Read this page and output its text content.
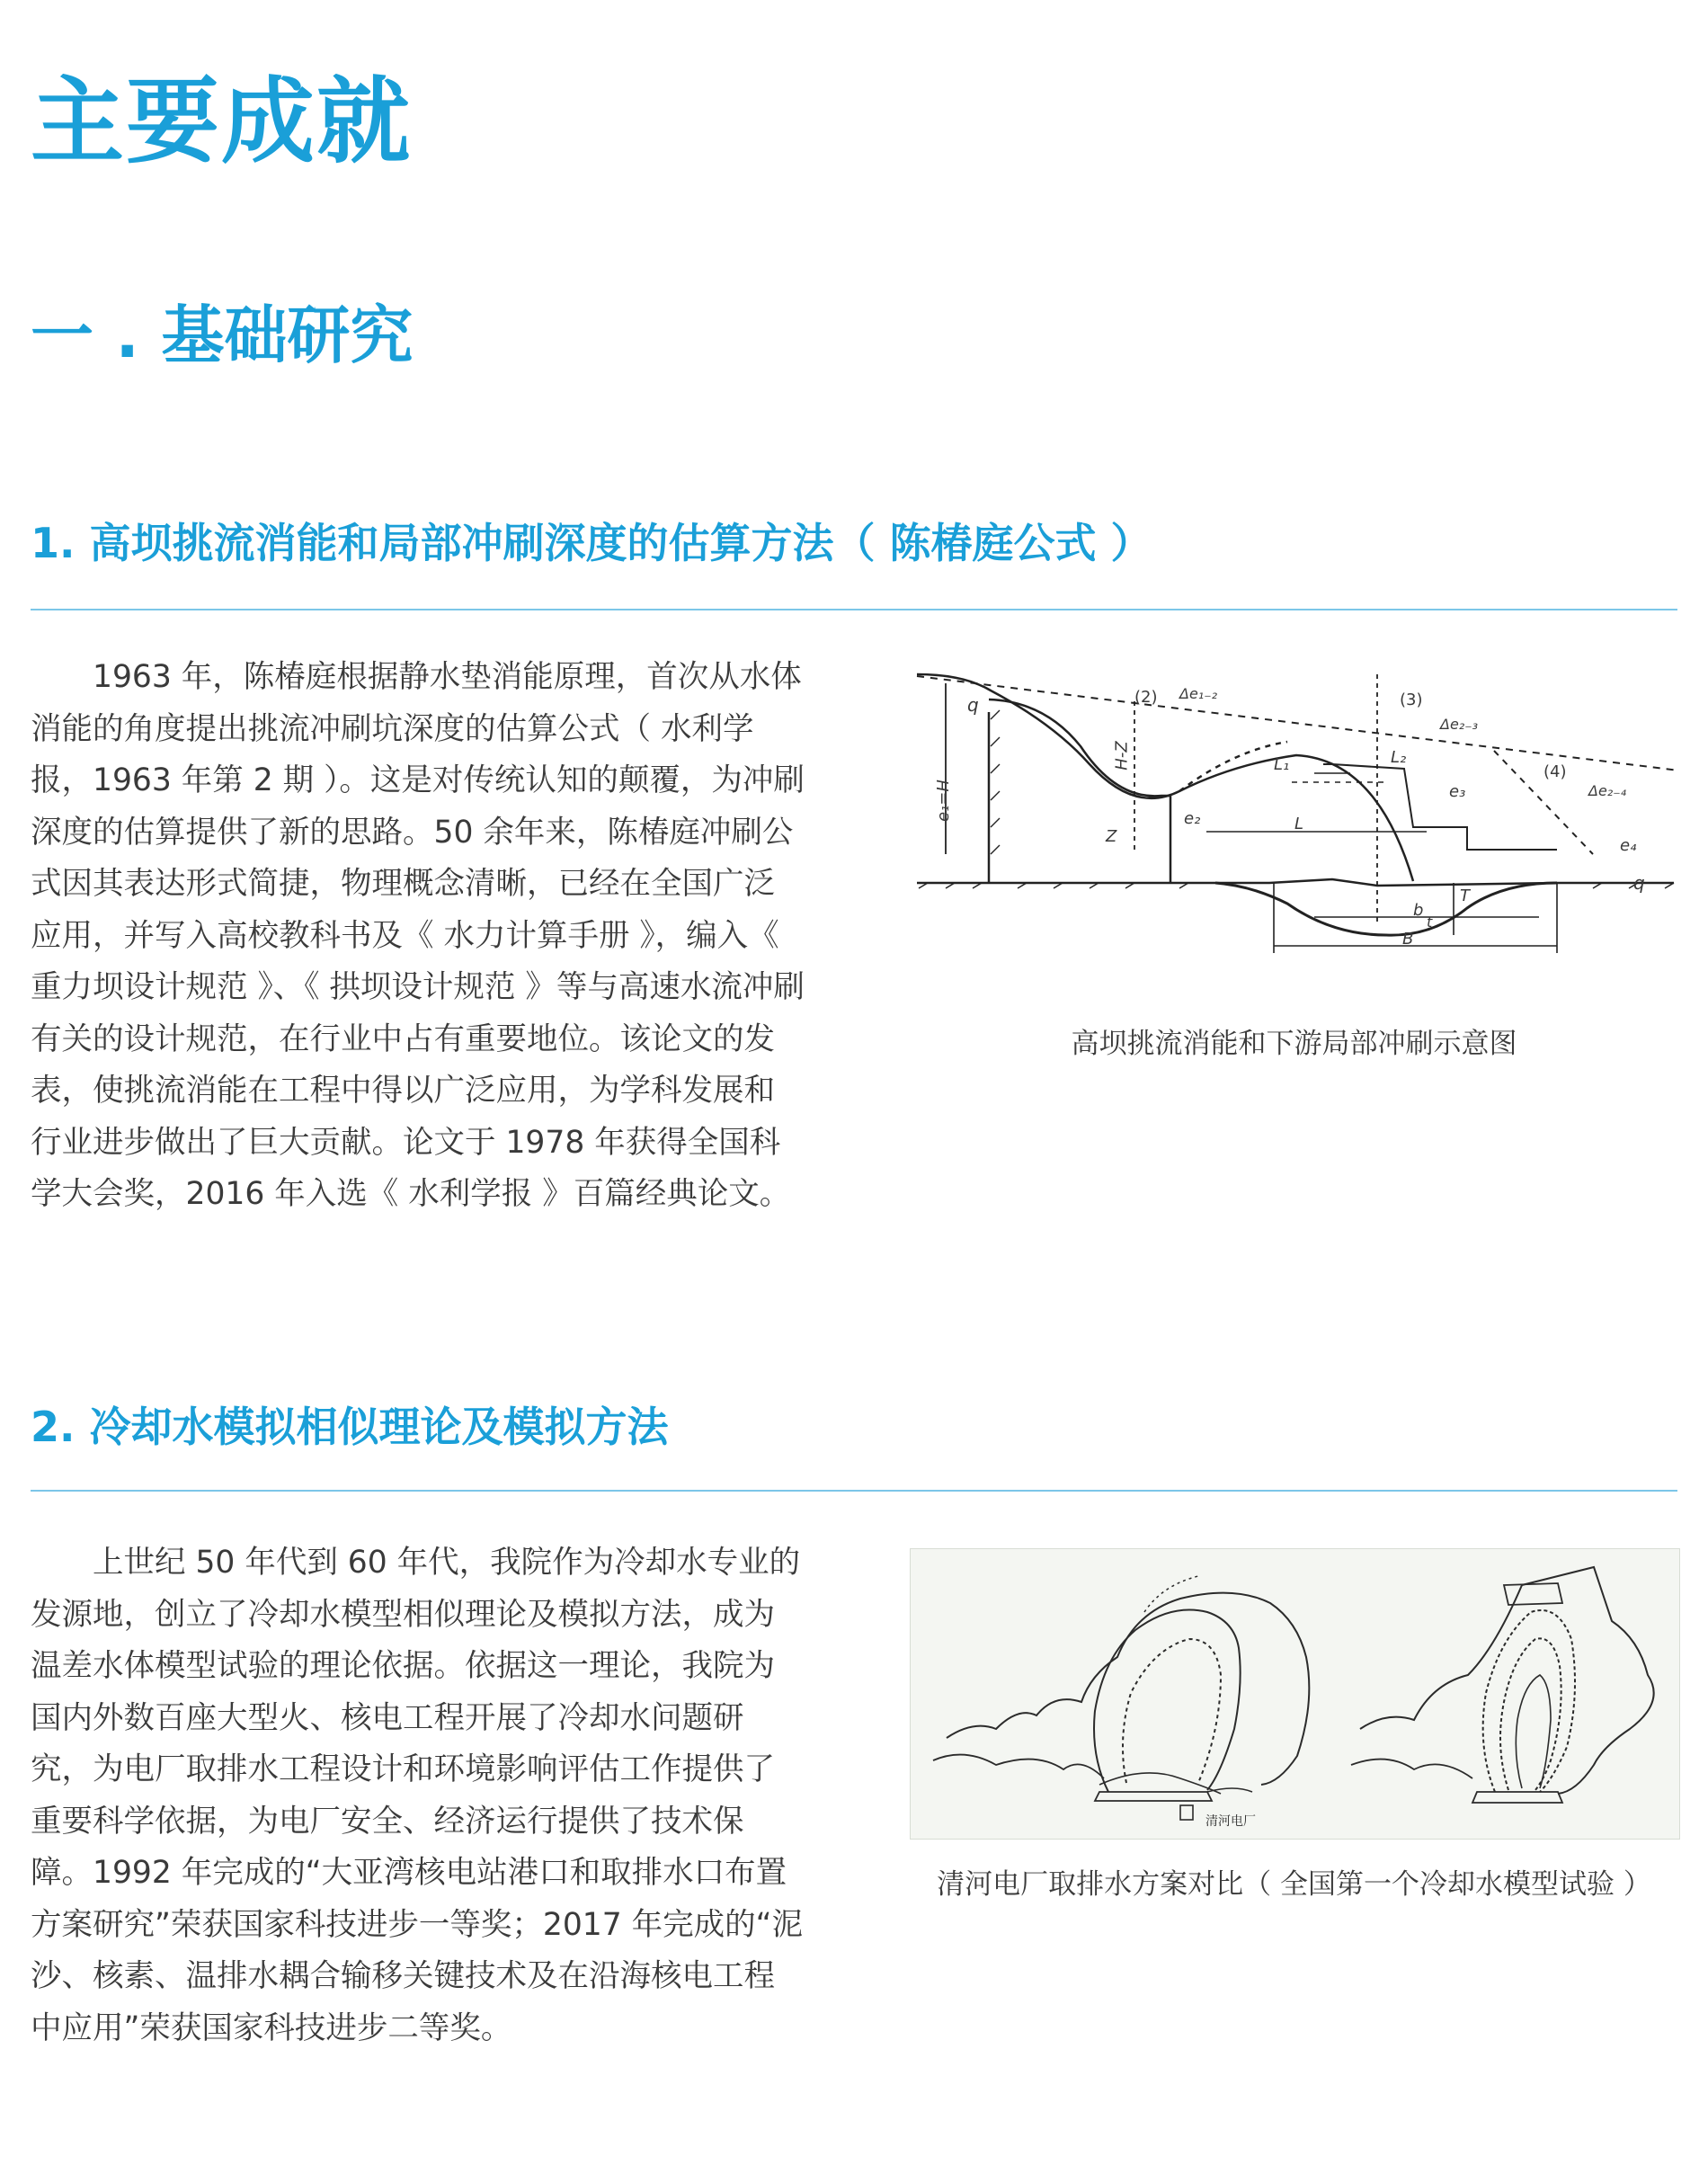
主要成就
一 . 基础研究
1. 高坝挑流消能和局部冲刷深度的估算方法（ 陈椿庭公式 ）

1963 年，陈椿庭根据静水垫消能原理，首次从水体消能的角度提出挑流冲刷坑深度的估算公式（ 水利学报，1963 年第 2 期 ）。这是对传统认知的颠覆，为冲刷深度的估算提供了新的思路。50 余年来，陈椿庭冲刷公式因其表达形式简捷，物理概念清晰，已经在全国广泛应用，并写入高校教科书及《 水力计算手册 》，编入《 重力坝设计规范 》、《 拱坝设计规范 》等与高速水流冲刷有关的设计规范，在行业中占有重要地位。该论文的发表，使挑流消能在工程中得以广泛应用，为学科发展和行业进步做出了巨大贡献。论文于 1978 年获得全国科学大会奖，2016 年入选《 水利学报 》百篇经典论文。

q
e₁=H
H-Z
Z
e₂
(2) Δe₁₋₂	(3)
Δe₂₋₃
(4)
Δe₂₋₄
L₁	L₂
L
e₃
e₄
q
T
b
B
t
高坝挑流消能和下游局部冲刷示意图
2. 冷却水模拟相似理论及模拟方法

上世纪 50 年代到 60 年代，我院作为冷却水专业的发源地，创立了冷却水模型相似理论及模拟方法，成为温差水体模型试验的理论依据。依据这一理论，我院为国内外数百座大型火、核电工程开展了冷却水问题研究，为电厂取排水工程设计和环境影响评估工作提供了重要科学依据，为电厂安全、经济运行提供了技术保障。1992 年完成的“大亚湾核电站港口和取排水口布置方案研究”荣获国家科技进步一等奖；2017 年完成的“泥沙、核素、温排水耦合输移关键技术及在沿海核电工程中应用”荣获国家科技进步二等奖。

清河电厂
清河电厂取排水方案对比（ 全国第一个冷却水模型试验 ）
